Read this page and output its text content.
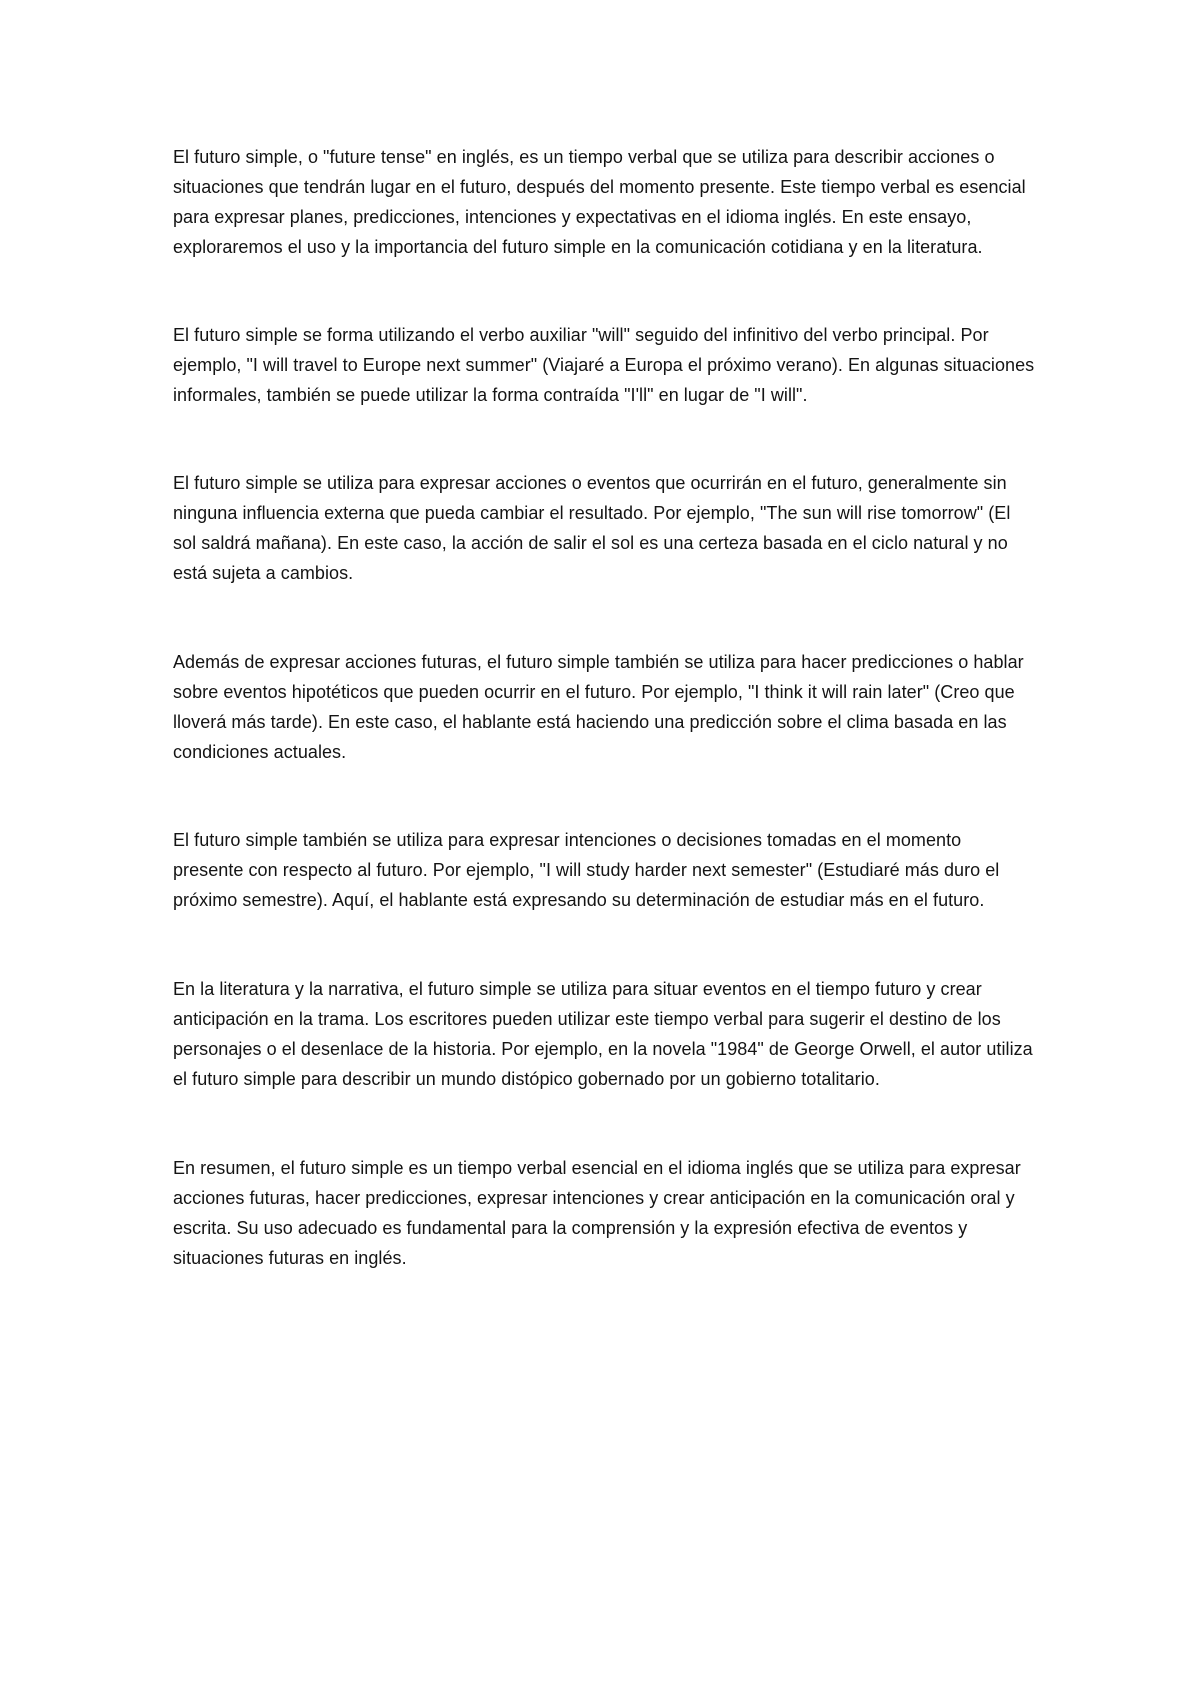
El futuro simple, o "future tense" en inglés, es un tiempo verbal que se utiliza para describir acciones o situaciones que tendrán lugar en el futuro, después del momento presente. Este tiempo verbal es esencial para expresar planes, predicciones, intenciones y expectativas en el idioma inglés. En este ensayo, exploraremos el uso y la importancia del futuro simple en la comunicación cotidiana y en la literatura.

El futuro simple se forma utilizando el verbo auxiliar "will" seguido del infinitivo del verbo principal. Por ejemplo, "I will travel to Europe next summer" (Viajaré a Europa el próximo verano). En algunas situaciones informales, también se puede utilizar la forma contraída "I'll" en lugar de "I will".

El futuro simple se utiliza para expresar acciones o eventos que ocurrirán en el futuro, generalmente sin ninguna influencia externa que pueda cambiar el resultado. Por ejemplo, "The sun will rise tomorrow" (El sol saldrá mañana). En este caso, la acción de salir el sol es una certeza basada en el ciclo natural y no está sujeta a cambios.

Además de expresar acciones futuras, el futuro simple también se utiliza para hacer predicciones o hablar sobre eventos hipotéticos que pueden ocurrir en el futuro. Por ejemplo, "I think it will rain later" (Creo que lloverá más tarde). En este caso, el hablante está haciendo una predicción sobre el clima basada en las condiciones actuales.

El futuro simple también se utiliza para expresar intenciones o decisiones tomadas en el momento presente con respecto al futuro. Por ejemplo, "I will study harder next semester" (Estudiaré más duro el próximo semestre). Aquí, el hablante está expresando su determinación de estudiar más en el futuro.

En la literatura y la narrativa, el futuro simple se utiliza para situar eventos en el tiempo futuro y crear anticipación en la trama. Los escritores pueden utilizar este tiempo verbal para sugerir el destino de los personajes o el desenlace de la historia. Por ejemplo, en la novela "1984" de George Orwell, el autor utiliza el futuro simple para describir un mundo distópico gobernado por un gobierno totalitario.

En resumen, el futuro simple es un tiempo verbal esencial en el idioma inglés que se utiliza para expresar acciones futuras, hacer predicciones, expresar intenciones y crear anticipación en la comunicación oral y escrita. Su uso adecuado es fundamental para la comprensión y la expresión efectiva de eventos y situaciones futuras en inglés.
